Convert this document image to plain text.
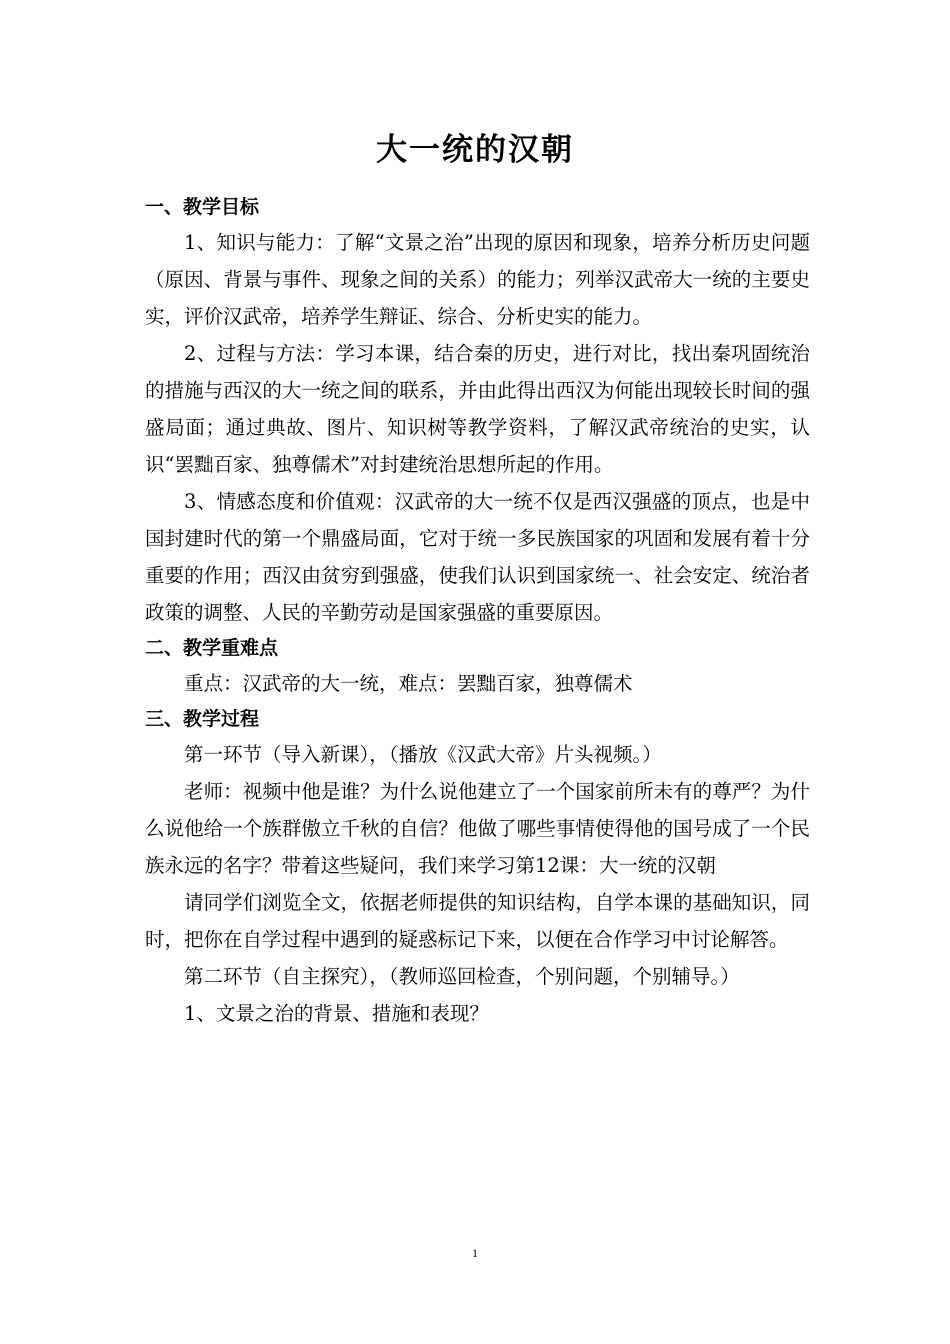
大一统的汉朝
一、教学目标

1、知识与能力：了解“文景之治”出现的原因和现象，培养分析历史问题（原因、背景与事件、现象之间的关系）的能力；列举汉武帝大一统的主要史实，评价汉武帝，培养学生辩证、综合、分析史实的能力。

2、过程与方法：学习本课，结合秦的历史，进行对比，找出秦巩固统治的措施与西汉的大一统之间的联系，并由此得出西汉为何能出现较长时间的强盛局面；通过典故、图片、知识树等教学资料，了解汉武帝统治的史实，认识“罢黜百家、独尊儒术”对封建统治思想所起的作用。

3、情感态度和价值观：汉武帝的大一统不仅是西汉强盛的顶点，也是中国封建时代的第一个鼎盛局面，它对于统一多民族国家的巩固和发展有着十分重要的作用；西汉由贫穷到强盛，使我们认识到国家统一、社会安定、统治者政策的调整、人民的辛勤劳动是国家强盛的重要原因。

二、教学重难点

重点：汉武帝的大一统，难点：罢黜百家，独尊儒术

三、教学过程

第一环节（导入新课），（播放《汉武大帝》片头视频。）

老师：视频中他是谁？为什么说他建立了一个国家前所未有的尊严？为什么说他给一个族群傲立千秋的自信？他做了哪些事情使得他的国号成了一个民族永远的名字？带着这些疑问，我们来学习第12课：大一统的汉朝

请同学们浏览全文，依据老师提供的知识结构，自学本课的基础知识，同时，把你在自学过程中遇到的疑惑标记下来，以便在合作学习中讨论解答。

第二环节（自主探究），（教师巡回检查，个别问题，个别辅导。）

1、文景之治的背景、措施和表现？

1
